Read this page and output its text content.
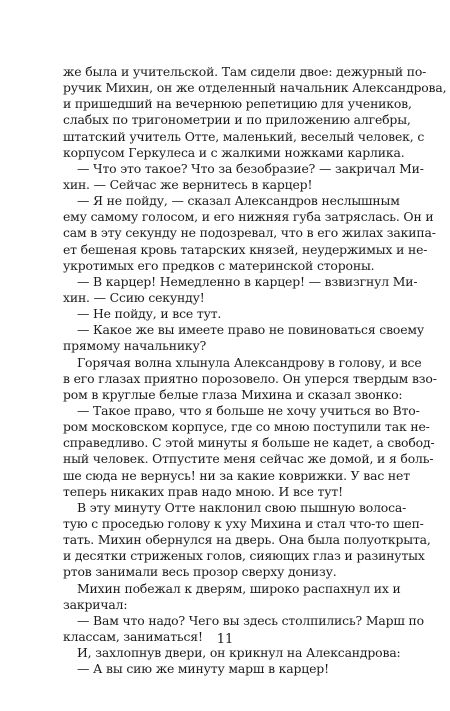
же была и учительской. Там сидели двое: дежурный по-
ручик Михин, он же отделенный начальник Александрова,
и пришедший на вечернюю репетицию для учеников,
слабых по тригонометрии и по приложению алгебры,
штатский учитель Отте, маленький, веселый человек, с
корпусом Геркулеса и с жалкими ножками карлика.
— Что это такое? Что за безобразие? — закричал Ми-
хин. — Сейчас же вернитесь в карцер!
— Я не пойду, — сказал Александров неслышным
ему самому голосом, и его нижняя губа затряслась. Он и
сам в эту секунду не подозревал, что в его жилах закипа-
ет бешеная кровь татарских князей, неудержимых и не-
укротимых его предков с материнской стороны.
— В карцер! Немедленно в карцер! — взвизгнул Ми-
хин. — Ссию секунду!
— Не пойду, и все тут.
— Какое же вы имеете право не повиноваться своему
прямому начальнику?
Горячая волна хлынула Александрову в голову, и все
в его глазах приятно порозовело. Он уперся твердым взо-
ром в круглые белые глаза Михина и сказал звонко:
— Такое право, что я больше не хочу учиться во Вто-
ром московском корпусе, где со мною поступили так не-
справедливо. С этой минуты я больше не кадет, а свобод-
ный человек. Отпустите меня сейчас же домой, и я боль-
ше сюда не вернусь! ни за какие коврижки. У вас нет
теперь никаких прав надо мною. И все тут!
В эту минуту Отте наклонил свою пышную волоса-
тую с проседью голову к уху Михина и стал что-то шеп-
тать. Михин обернулся на дверь. Она была полуоткрыта,
и десятки стриженых голов, сияющих глаз и разинутых
ртов занимали весь прозор сверху донизу.
Михин побежал к дверям, широко распахнул их и
закричал:
— Вам что надо? Чего вы здесь столпились? Марш по
классам, заниматься!
И, захлопнув двери, он крикнул на Александрова:
— А вы сию же минуту марш в карцер!
11
